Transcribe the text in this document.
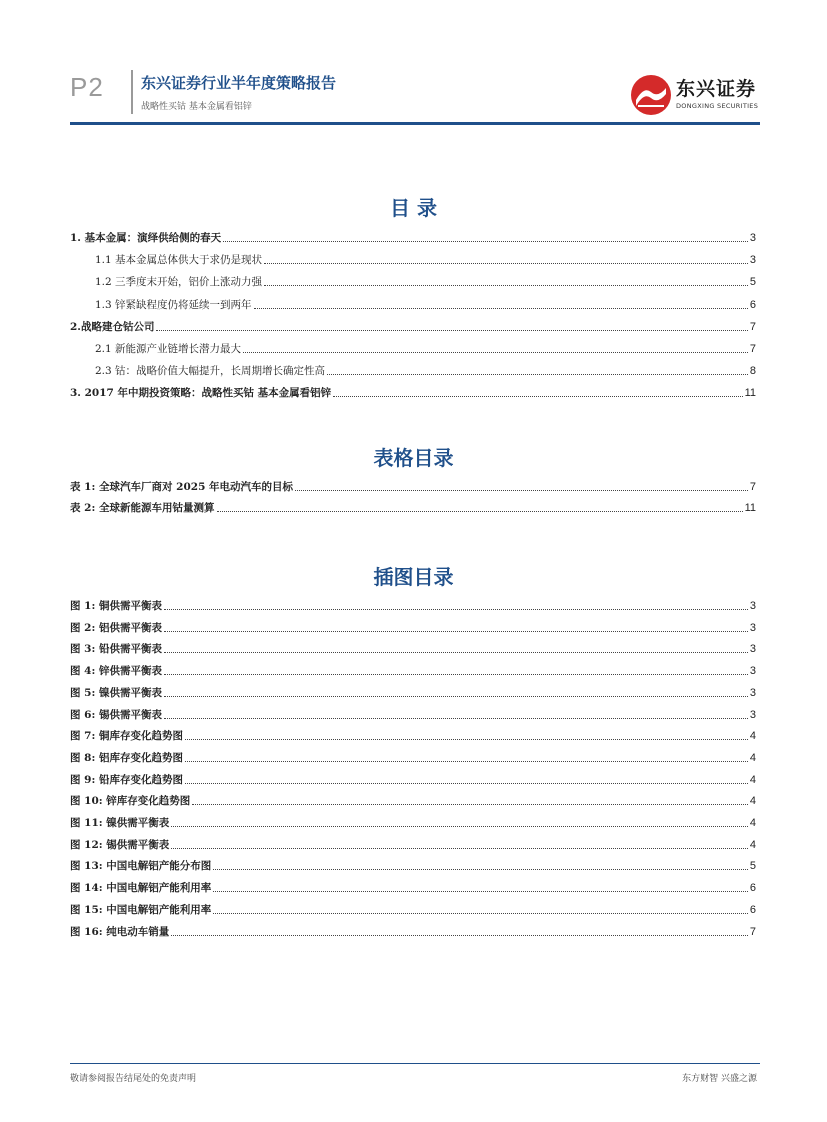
P2 东兴证券行业半年度策略报告
战略性买钴 基本金属看铝锌
东兴证券
DONGXING SECURITIES
目 录
1. 基本金属：演绎供给侧的春天	3
1.1 基本金属总体供大于求仍是现状	3
1.2 三季度末开始，铝价上涨动力强	5
1.3 锌紧缺程度仍将延续一到两年	6
2.战略建仓钴公司	7
2.1 新能源产业链增长潜力最大	7
2.3 钴：战略价值大幅提升，长周期增长确定性高	8
3. 2017 年中期投资策略：战略性买钴 基本金属看铝锌	11
表格目录
表 1: 全球汽车厂商对 2025 年电动汽车的目标	7
表 2: 全球新能源车用钴量测算	11
插图目录
图 1: 铜供需平衡表	3
图 2: 铝供需平衡表	3
图 3: 铅供需平衡表	3
图 4: 锌供需平衡表	3
图 5: 镍供需平衡表	3
图 6: 锡供需平衡表	3
图 7: 铜库存变化趋势图	4
图 8: 铝库存变化趋势图	4
图 9: 铅库存变化趋势图	4
图 10: 锌库存变化趋势图	4
图 11: 镍供需平衡表	4
图 12: 锡供需平衡表	4
图 13: 中国电解铝产能分布图	5
图 14: 中国电解铝产能利用率	6
图 15: 中国电解铝产能利用率	6
图 16: 纯电动车销量	7
敬请参阅报告结尾处的免责声明	东方财智 兴盛之源
